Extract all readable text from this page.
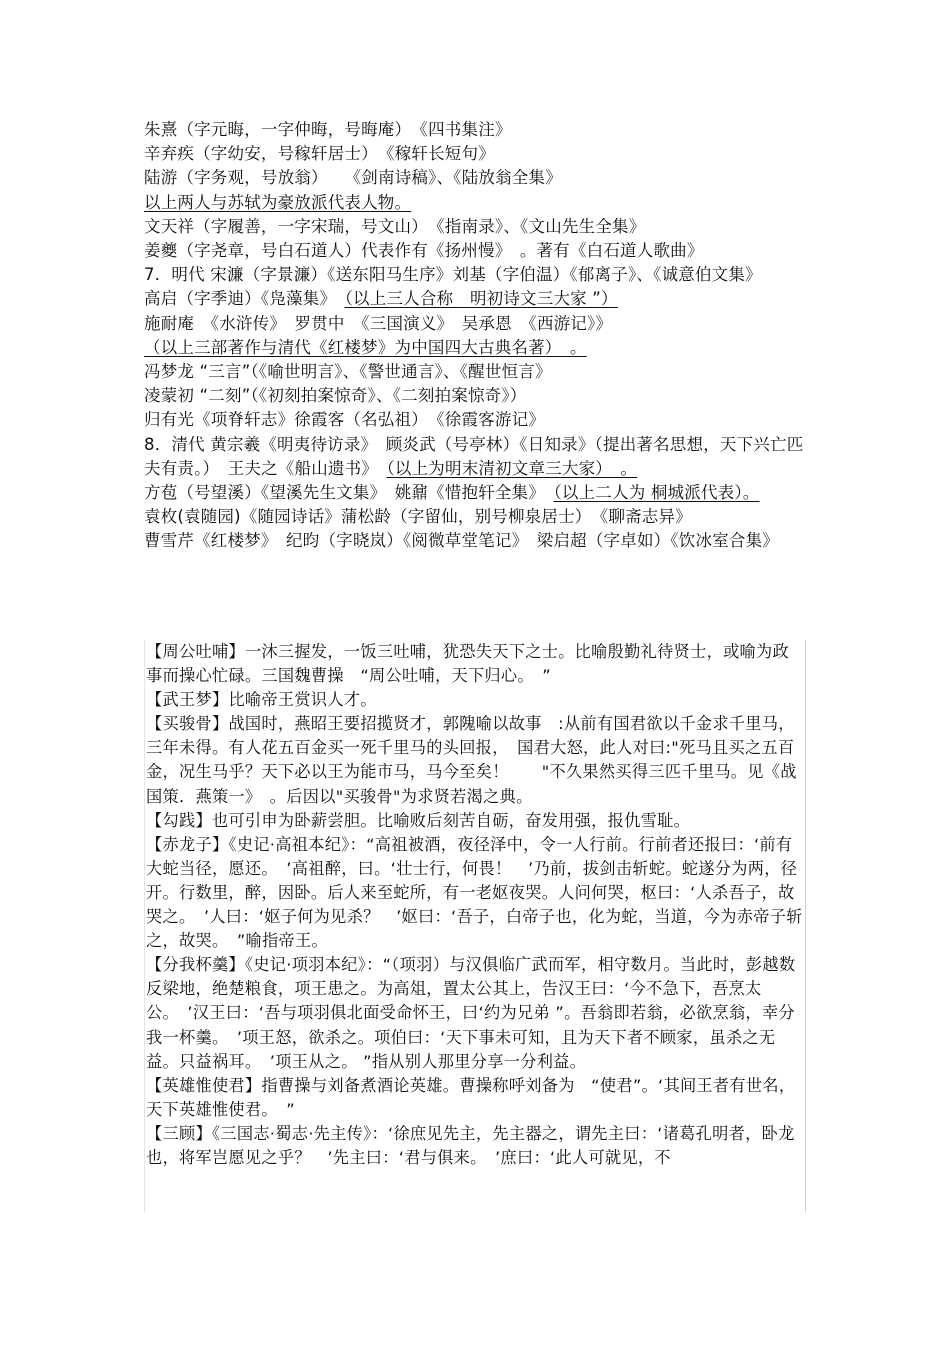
朱熹（字元晦，一字仲晦，号晦庵）　《四书集注》
辛弃疾（字幼安，号稼轩居士）　《稼轩长短句》
陆游（字务观，号放翁）　　《剑南诗稿》、《陆放翁全集》
以上两人与苏轼为豪放派代表人物。
文天祥（字履善，一字宋瑞，号文山）　《指南录》、《文山先生全集》
姜夔（字尧章，号白石道人）代表作有《扬州慢》　。著有《白石道人歌曲》
7．明代 宋濂（字景濂）《送东阳马生序》刘基（字伯温）《郁离子》、《诚意伯文集》
高启（字季迪）《凫藻集》　 （以上三人合称　明初诗文三大家 ”）
施耐庵　《水浒传》　罗贯中　《三国演义》　吴承恩　《西游记》》
（以上三部著作与清代《红楼梦》为中国四大古典名著）　。
冯梦龙 “三言”（《喻世明言》、《警世通言》、《醒世恒言》
凌蒙初 “二刻”（《初刻拍案惊奇》、《二刻拍案惊奇》）
归有光《项脊轩志》徐霞客（名弘祖）　《徐霞客游记》
8．清代 黄宗羲《明夷待访录》　顾炎武（号亭林）《日知录》（提出著名思想，天下兴亡匹夫有责。）　王夫之《船山遗书》　 （以上为明末清初文章三大家）　。
方苞（号望溪）《望溪先生文集》　姚鼐《惜抱轩全集》　 （以上二人为 桐城派代表）。
袁枚(袁随园)《随园诗话》蒲松龄（字留仙，别号柳泉居士）　《聊斋志异》
曹雪芹《红楼梦》　纪昀（字晓岚）《阅微草堂笔记》　梁启超（字卓如）《饮冰室合集》

【周公吐哺】一沐三握发，一饭三吐哺，犹恐失天下之士。比喻殷勤礼待贤士，或喻为政事而操心忙碌。三国魏曹操　“周公吐哺，天下归心。　”

【武王梦】比喻帝王赏识人才。

【买骏骨】战国时，燕昭王要招揽贤才，郭隗喻以故事　:从前有国君欲以千金求千里马，三年未得。有人花五百金买一死千里马的头回报，　国君大怒，此人对曰:"死马且买之五百金，况生马乎？天下必以王为能市马，马今至矣！　　"不久果然买得三匹千里马。见《战国策．燕策一》　。后因以"买骏骨"为求贤若渴之典。

【勾践】也可引申为卧薪尝胆。比喻败后刻苦自砺，奋发用强，报仇雪耻。

【赤龙子】《史记·高祖本纪》：“高祖被酒，夜径泽中，令一人行前。行前者还报曰：‘前有大蛇当径，愿还。　’高祖醉，曰。‘壮士行，何畏！　’乃前，拔剑击斩蛇。蛇遂分为两，径开。行数里，醉，因卧。后人来至蛇所，有一老妪夜哭。人问何哭，枢曰：‘人杀吾子，故哭之。　’人曰：‘妪子何为见杀？　’妪曰：‘吾子，白帝子也，化为蛇，当道，今为赤帝子斩之，故哭。　”喻指帝王。

【分我杯羹】《史记·项羽本纪》：“（项羽）与汉俱临广武而军，相守数月。当此时，彭越数反梁地，绝楚粮食，项王患之。为高俎，置太公其上，告汉王曰：‘今不急下，吾烹太公。　’汉王曰：‘吾与项羽俱北面受命怀王，曰‘约为兄弟 ”。吾翁即若翁，必欲烹翁，幸分我一杯羹。　’项王怒，欲杀之。项伯曰：‘天下事未可知，且为天下者不顾家，虽杀之无益。只益祸耳。　’项王从之。 ”指从别人那里分享一分利益。

【英雄惟使君】指曹操与刘备煮酒论英雄。曹操称呼刘备为　“使君”。‘其间王者有世名，天下英雄惟使君。　”

【三顾】《三国志·蜀志·先主传》：‘徐庶见先主，先主器之，谓先主曰：‘诸葛孔明者，卧龙也，将军岂愿见之乎？　’先主曰：‘君与俱来。　’庶曰：‘此人可就见，不
